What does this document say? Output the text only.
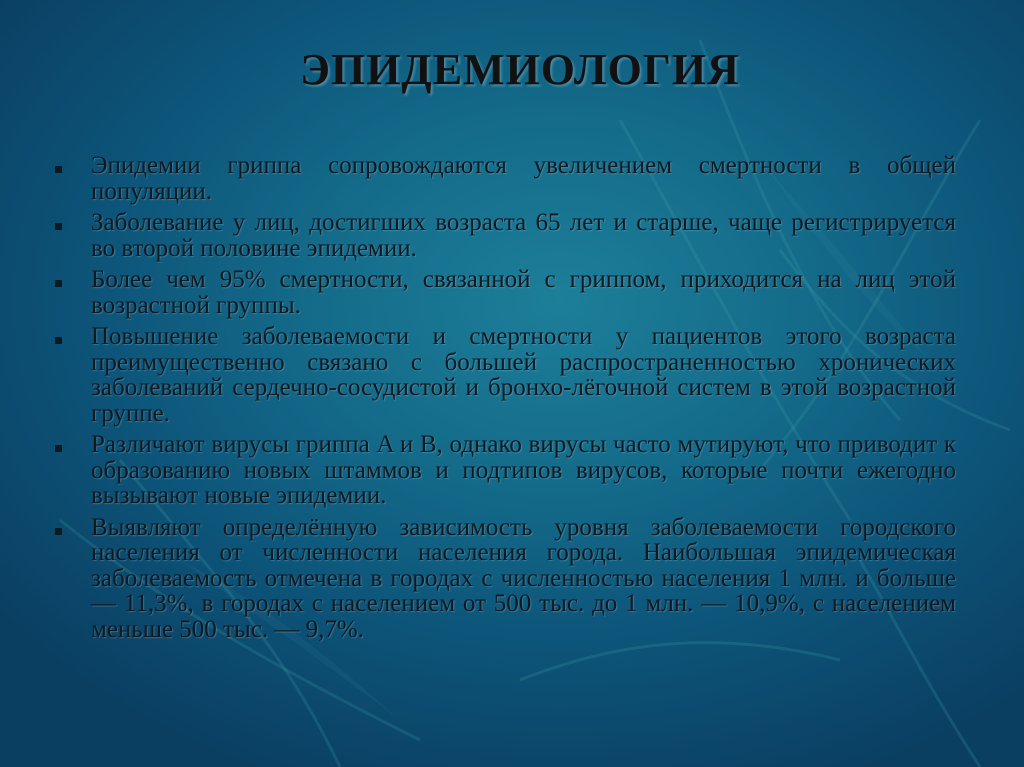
ЭПИДЕМИОЛОГИЯ
Эпидемии гриппа сопровождаются увеличением смертности в общей популяции.
Заболевание у лиц, достигших возраста 65 лет и старше, чаще регистрируется во второй половине эпидемии.
Более чем 95% смертности, связанной с гриппом, приходится на лиц этой возрастной группы.
Повышение заболеваемости и смертности у пациентов этого возраста преимущественно связано с большей распространенностью хронических заболеваний сердечно-сосудистой и бронхо-лёгочной систем в этой возрастной группе.
Различают вирусы гриппа A и B, однако вирусы часто мутируют, что приводит к образованию новых штаммов и подтипов вирусов, которые почти ежегодно вызывают новые эпидемии.
Выявляют определённую зависимость уровня заболеваемости городского населения от численности населения города. Наибольшая эпидемическая заболеваемость отмечена в городах с численностью населения 1 млн. и больше — 11,3%, в городах с населением от 500 тыс. до 1 млн. — 10,9%, с населением меньше 500 тыс. — 9,7%.
